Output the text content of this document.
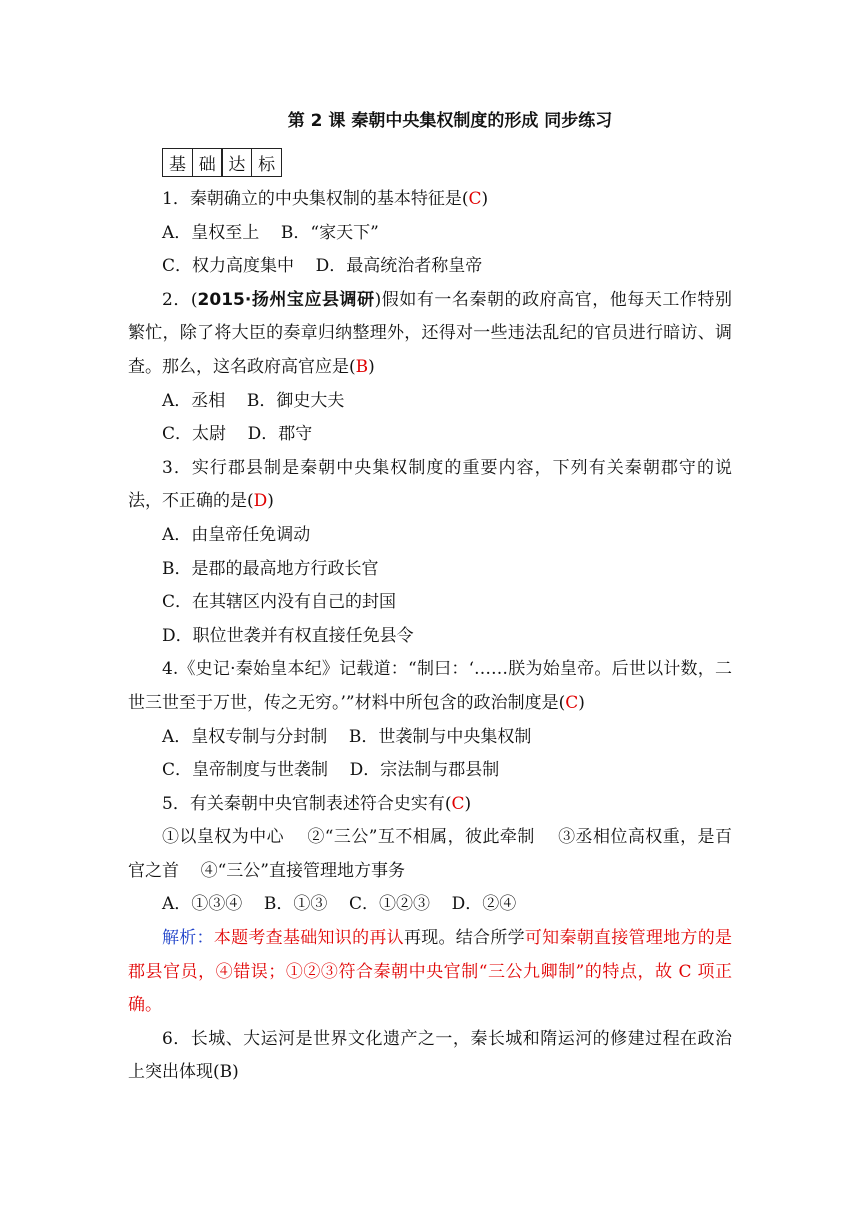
第 2 课 秦朝中央集权制度的形成 同步练习
基 础 达 标

1．秦朝确立的中央集权制的基本特征是(C)

A．皇权至上    B．“家天下”

C．权力高度集中    D．最高统治者称皇帝

2．(2015·扬州宝应县调研)假如有一名秦朝的政府高官，他每天工作特别繁忙，除了将大臣的奏章归纳整理外，还得对一些违法乱纪的官员进行暗访、调查。那么，这名政府高官应是(B)

A．丞相    B．御史大夫

C．太尉    D．郡守

3．实行郡县制是秦朝中央集权制度的重要内容，下列有关秦朝郡守的说法，不正确的是(D)

A．由皇帝任免调动

B．是郡的最高地方行政长官

C．在其辖区内没有自己的封国

D．职位世袭并有权直接任免县令

4.《史记·秦始皇本纪》记载道：“制曰：‘……朕为始皇帝。后世以计数，二世三世至于万世，传之无穷。’”材料中所包含的政治制度是(C)

A．皇权专制与分封制    B．世袭制与中央集权制

C．皇帝制度与世袭制    D．宗法制与郡县制

5．有关秦朝中央官制表述符合史实有(C)

①以皇权为中心    ②“三公”互不相属，彼此牵制    ③丞相位高权重，是百官之首    ④“三公”直接管理地方事务

A．①③④    B．①③    C．①②③    D．②④

解析：本题考查基础知识的再认再现。结合所学可知秦朝直接管理地方的是郡县官员，④错误；①②③符合秦朝中央官制“三公九卿制”的特点，故 C 项正确。

6．长城、大运河是世界文化遗产之一，秦长城和隋运河的修建过程在政治上突出体现(B)
